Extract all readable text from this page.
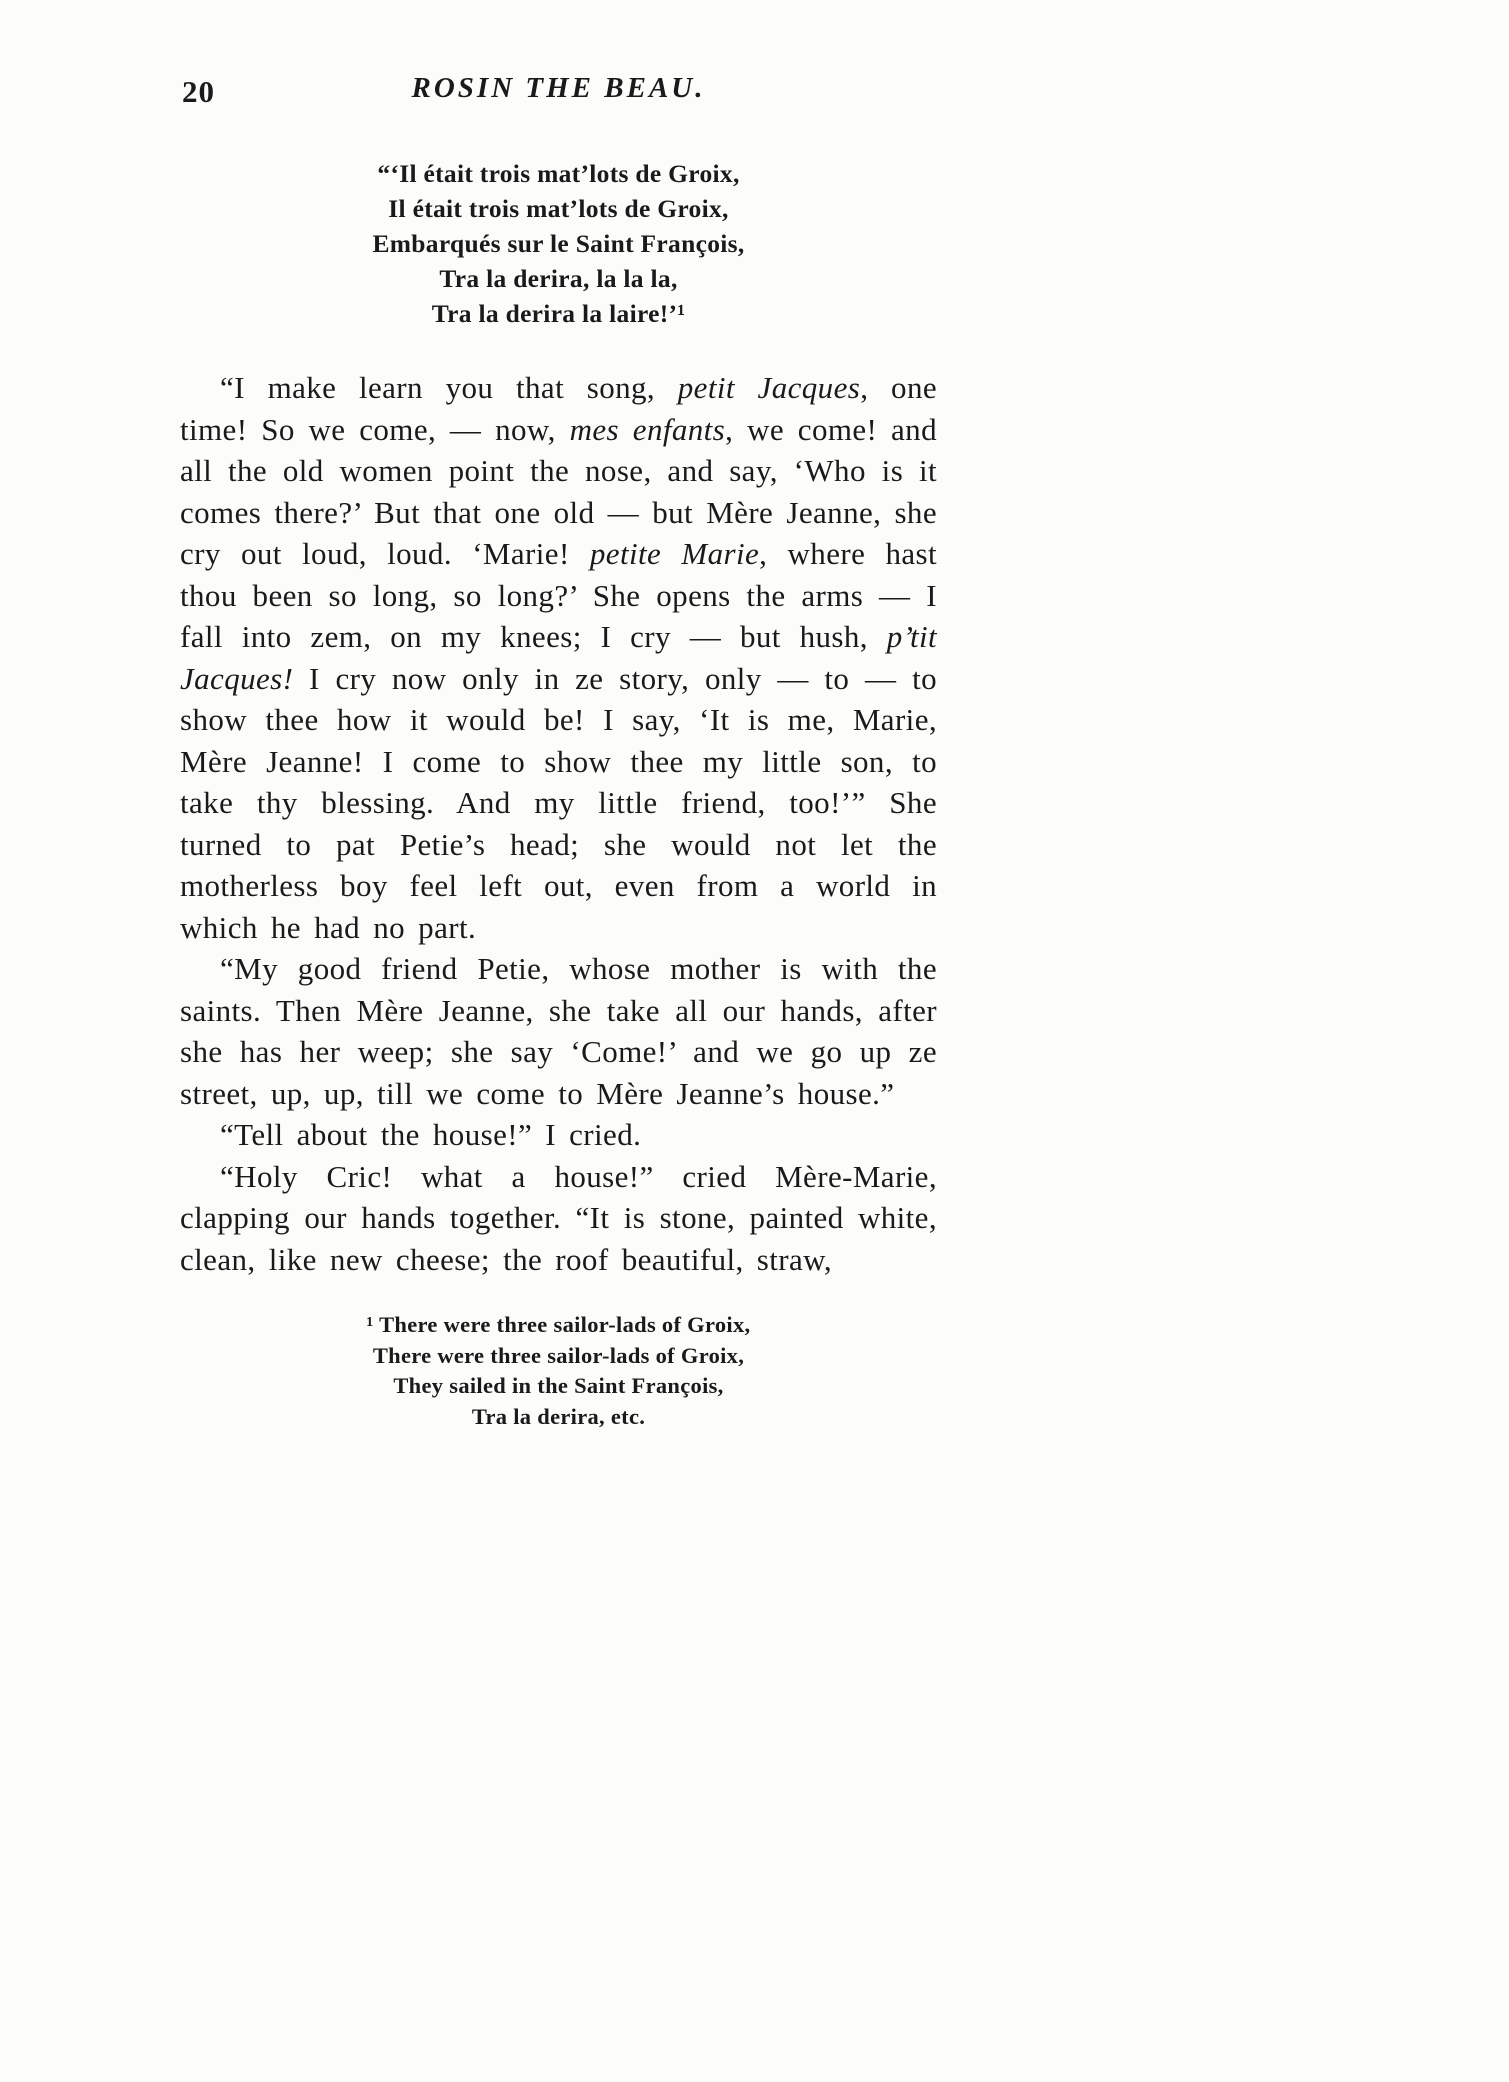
20	ROSIN THE BEAU.
“‘Il était trois mat’lots de Groix,
Il était trois mat’lots de Groix,
Embarqués sur le Saint François,
Tra la derira, la la la,
Tra la derira la laire!’¹

“I make learn you that song, petit Jacques, one time! So we come, — now, mes enfants, we come! and all the old women point the nose, and say, ‘Who is it comes there?’ But that one old — but Mère Jeanne, she cry out loud, loud. ‘Marie! petite Marie, where hast thou been so long, so long?’ She opens the arms — I fall into zem, on my knees; I cry — but hush, p’tit Jacques! I cry now only in ze story, only — to — to show thee how it would be! I say, ‘It is me, Marie, Mère Jeanne! I come to show thee my little son, to take thy blessing. And my little friend, too!’” She turned to pat Petie’s head; she would not let the motherless boy feel left out, even from a world in which he had no part.

“My good friend Petie, whose mother is with the saints. Then Mère Jeanne, she take all our hands, after she has her weep; she say ‘Come!’ and we go up ze street, up, up, till we come to Mère Jeanne’s house.”

“Tell about the house!” I cried.

“Holy Cric! what a house!” cried Mère-Marie, clapping our hands together. “It is stone, painted white, clean, like new cheese; the roof beautiful, straw,

¹ There were three sailor-lads of Groix,
There were three sailor-lads of Groix,
They sailed in the Saint François,
Tra la derira, etc.
